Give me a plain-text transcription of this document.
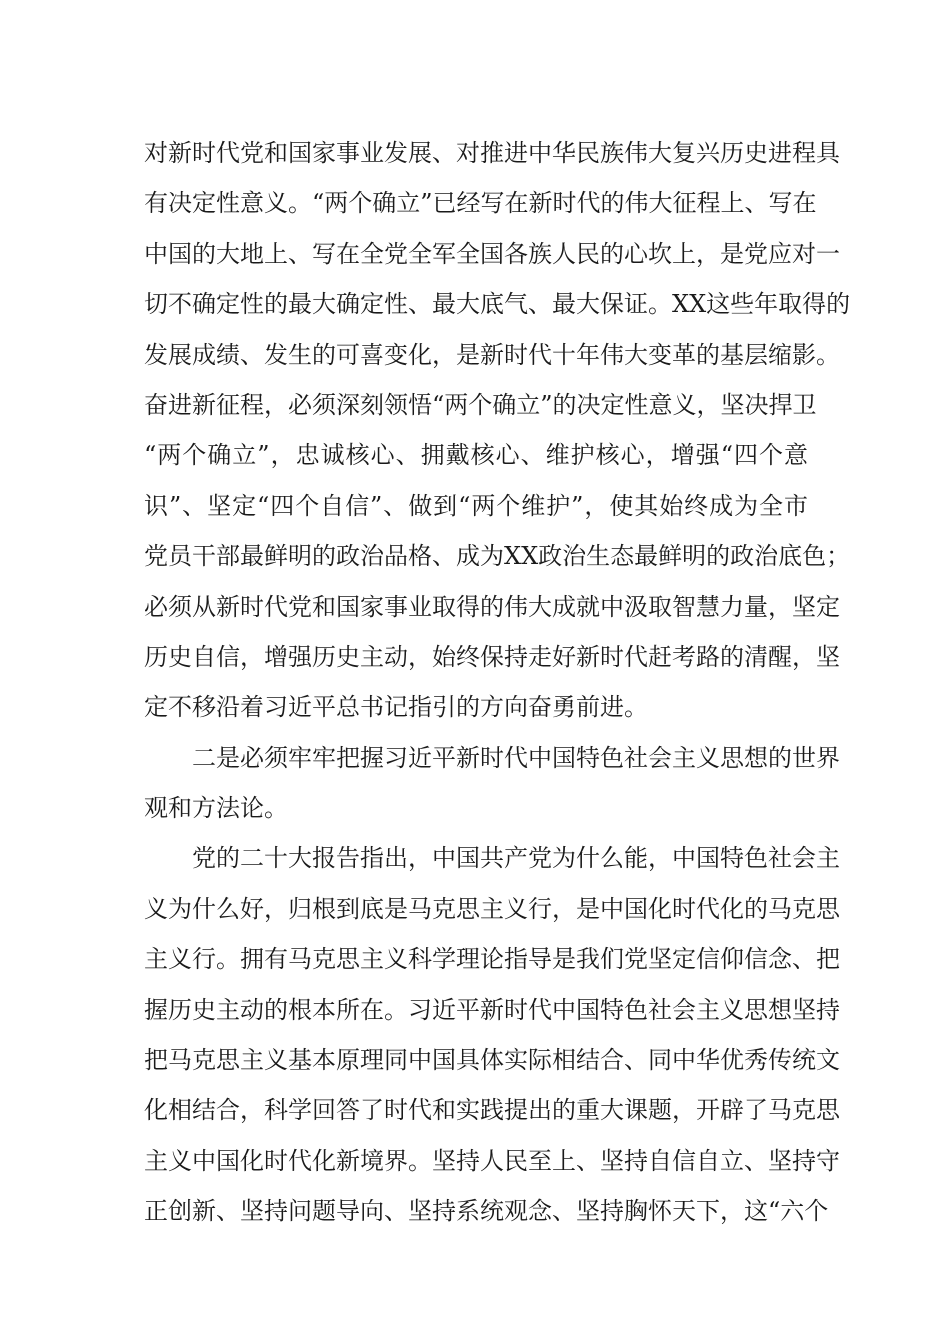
对新时代党和国家事业发展、对推进中华民族伟大复兴历史进程具
有决定性意义。“两个确立”已经写在新时代的伟大征程上、写在
中国的大地上、写在全党全军全国各族人民的心坎上，是党应对一
切不确定性的最大确定性、最大底气、最大保证。XX这些年取得的
发展成绩、发生的可喜变化，是新时代十年伟大变革的基层缩影。
奋进新征程，必须深刻领悟“两个确立”的决定性意义，坚决捍卫
“两个确立”，忠诚核心、拥戴核心、维护核心，增强“四个意
识”、坚定“四个自信”、做到“两个维护”，使其始终成为全市
党员干部最鲜明的政治品格、成为XX政治生态最鲜明的政治底色；
必须从新时代党和国家事业取得的伟大成就中汲取智慧力量，坚定
历史自信，增强历史主动，始终保持走好新时代赶考路的清醒，坚
定不移沿着习近平总书记指引的方向奋勇前进。
二是必须牢牢把握习近平新时代中国特色社会主义思想的世界
观和方法论。
党的二十大报告指出，中国共产党为什么能，中国特色社会主
义为什么好，归根到底是马克思主义行，是中国化时代化的马克思
主义行。拥有马克思主义科学理论指导是我们党坚定信仰信念、把
握历史主动的根本所在。习近平新时代中国特色社会主义思想坚持
把马克思主义基本原理同中国具体实际相结合、同中华优秀传统文
化相结合，科学回答了时代和实践提出的重大课题，开辟了马克思
主义中国化时代化新境界。坚持人民至上、坚持自信自立、坚持守
正创新、坚持问题导向、坚持系统观念、坚持胸怀天下，这“六个
